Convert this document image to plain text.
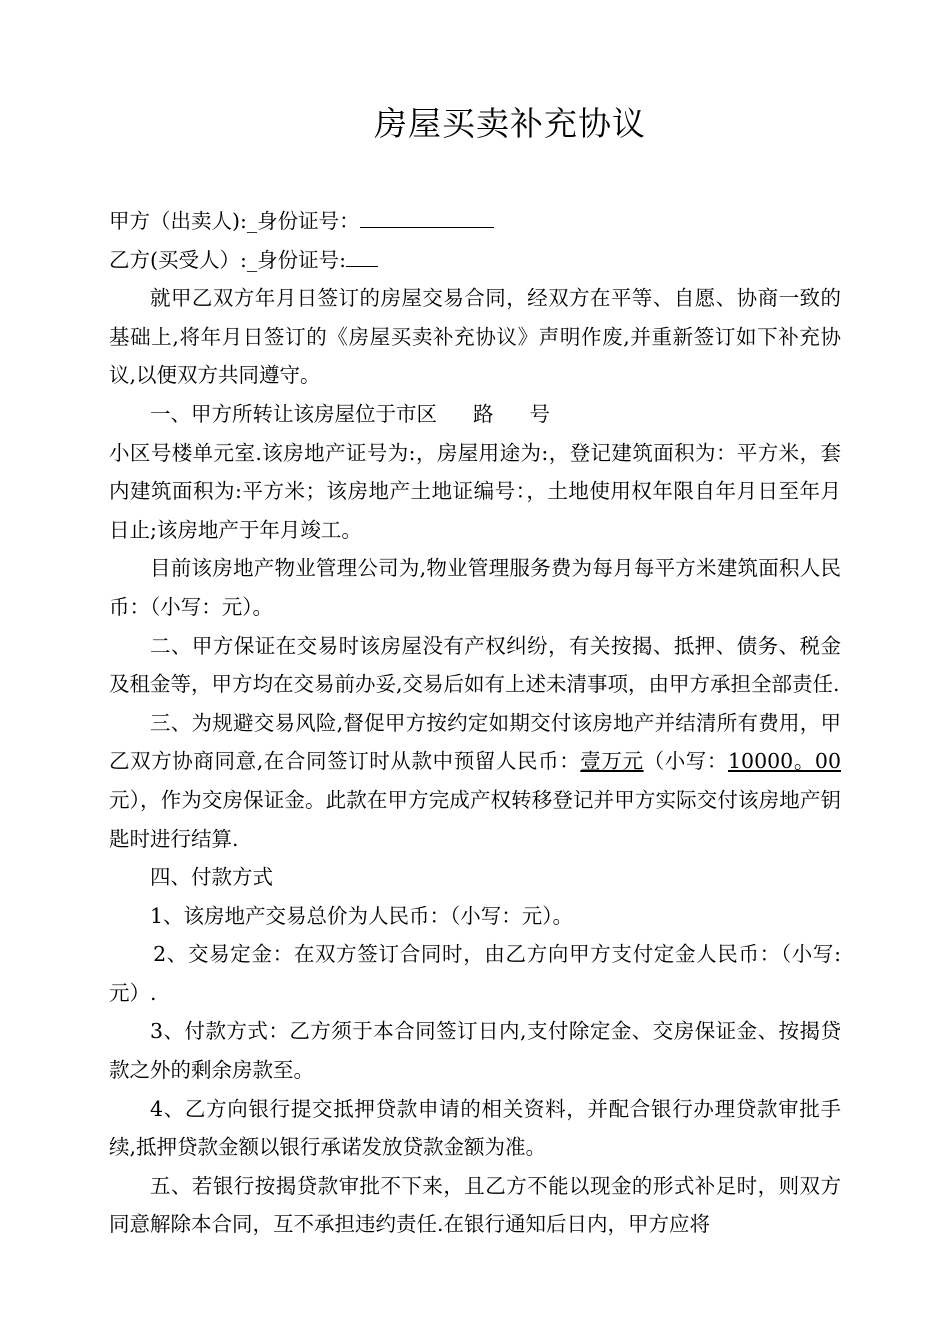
房屋买卖补充协议

甲方（出卖人):_身份证号：

乙方(买受人）:_身份证号:

就甲乙双方年月日签订的房屋交易合同，经双方在平等、自愿、协商一致的基础上,将年月日签订的《房屋买卖补充协议》声明作废,并重新签订如下补充协议,以便双方共同遵守。

一、甲方所转让该房屋位于市区 路 号

小区号楼单元室.该房地产证号为:，房屋用途为:，登记建筑面积为：平方米，套内建筑面积为:平方米；该房地产土地证编号：，土地使用权年限自年月日至年月日止;该房地产于年月竣工。

目前该房地产物业管理公司为,物业管理服务费为每月每平方米建筑面积人民币：（小写：元）。

二、甲方保证在交易时该房屋没有产权纠纷，有关按揭、抵押、债务、税金及租金等，甲方均在交易前办妥,交易后如有上述未清事项，由甲方承担全部责任.

三、为规避交易风险,督促甲方按约定如期交付该房地产并结清所有费用，甲乙双方协商同意,在合同签订时从款中预留人民币：壹万元（小写：10000。00 元），作为交房保证金。此款在甲方完成产权转移登记并甲方实际交付该房地产钥匙时进行结算.

四、付款方式

1、该房地产交易总价为人民币：（小写：元）。

2、交易定金：在双方签订合同时，由乙方向甲方支付定金人民币：（小写:元）.

3、付款方式：乙方须于本合同签订日内,支付除定金、交房保证金、按揭贷款之外的剩余房款至。

4、乙方向银行提交抵押贷款申请的相关资料，并配合银行办理贷款审批手续,抵押贷款金额以银行承诺发放贷款金额为准。

五、若银行按揭贷款审批不下来，且乙方不能以现金的形式补足时，则双方同意解除本合同，互不承担违约责任.在银行通知后日内，甲方应将
